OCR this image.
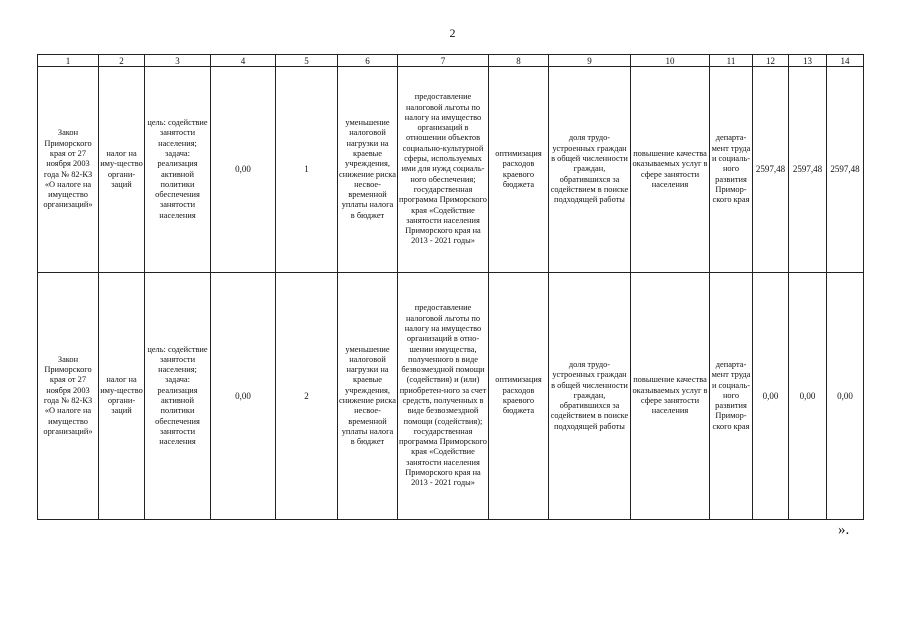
2
1	2	3	4	5	6	7	8	9	10	11	12	13	14
Закон Приморского края от 27 ноября 2003 года № 82-КЗ «О налоге на имущество организаций»	налог на иму-щество органи-заций	цель: содействие занятости населения; задача: реализация активной политики обеспечения занятости населения	0,00	1	уменьшение налоговой нагрузки на краевые учреждения, снижение риска несвое-временной уплаты налога в бюджет	предоставление налоговой льготы по налогу на имущество организаций в отношении объектов социально-культурной сферы, используемых ими для нужд социаль-ного обеспечения; государственная программа Приморского края «Содействие занятости населения Приморского края на 2013 - 2021 годы»	оптимизация расходов краевого бюджета	доля трудо-устроенных граждан в общей численности граждан, обратившихся за содействием в поиске подходящей работы	повышение качества оказываемых услуг в сфере занятости населения	департа-мент труда и социаль-ного развития Примор-ского края	2597,48	2597,48	2597,48
Закон Приморского края от 27 ноября 2003 года № 82-КЗ «О налоге на имущество организаций»	налог на иму-щество органи-заций	цель: содействие занятости населения; задача: реализация активной политики обеспечения занятости населения	0,00	2	уменьшение налоговой нагрузки на краевые учреждения, снижение риска несвое-временной уплаты налога в бюджет	предоставление налоговой льготы по налогу на имущество организаций в отно-шении имущества, полученного в виде безвозмездной помощи (содействия) и (или) приобретен-ного за счет средств, полученных в виде безвозмездной помощи (содействия); государственная программа Приморского края «Содействие занятости населения Приморского края на 2013 - 2021 годы»	оптимизация расходов краевого бюджета	доля трудо-устроенных граждан в общей численности граждан, обратившихся за содействием в поиске подходящей работы	повышение качества оказываемых услуг в сфере занятости населения	департа-мент труда и социаль-ного развития Примор-ского края	0,00	0,00	0,00
».
